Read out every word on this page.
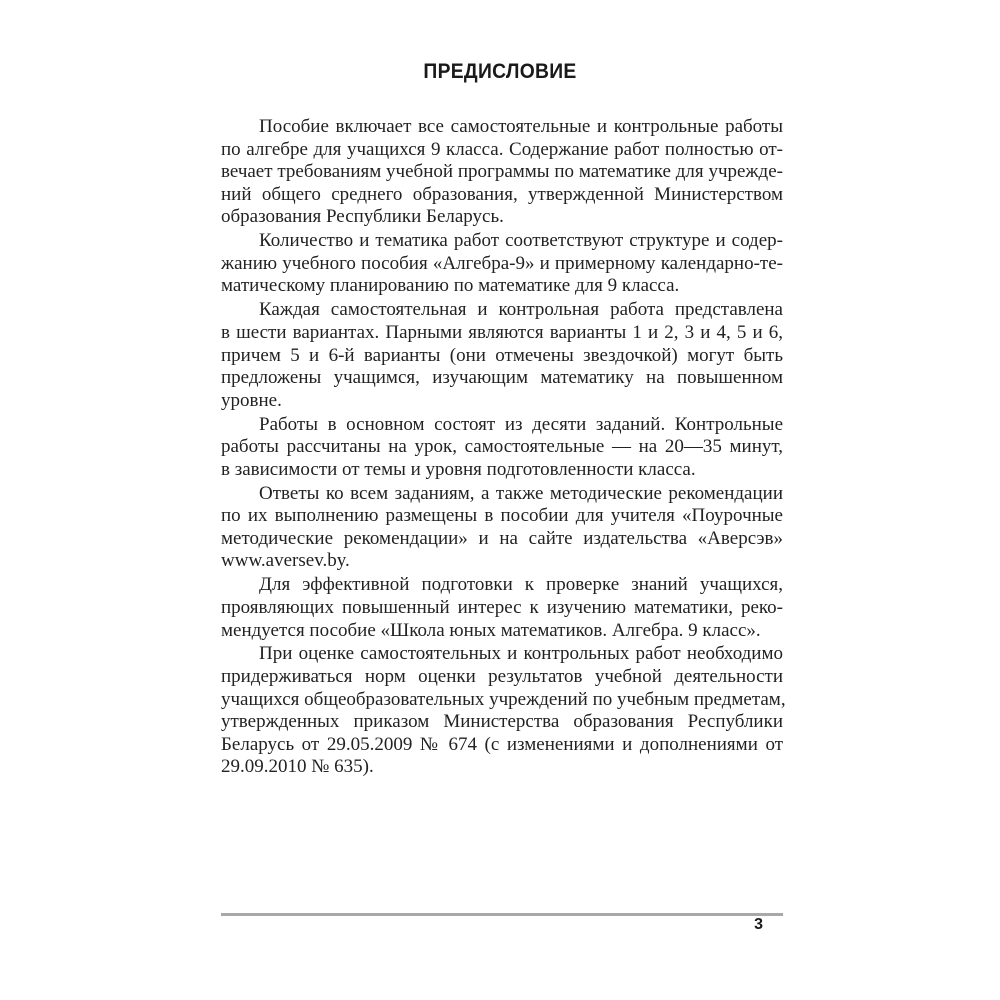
ПРЕДИСЛОВИЕ
Пособие включает все самостоятельные и контрольные работы
по алгебре для учащихся 9 класса. Содержание работ полностью от-
вечает требованиям учебной программы по математике для учрежде-
ний общего среднего образования, утвержденной Министерством
образования Республики Беларусь.
Количество и тематика работ соответствуют структуре и содер-
жанию учебного пособия «Алгебра-9» и примерному календарно-те-
матическому планированию по математике для 9 класса.
Каждая самостоятельная и контрольная работа представлена
в шести вариантах. Парными являются варианты 1 и 2, 3 и 4, 5 и 6,
причем 5 и 6-й варианты (они отмечены звездочкой) могут быть
предложены учащимся, изучающим математику на повышенном
уровне.
Работы в основном состоят из десяти заданий. Контрольные
работы рассчитаны на урок, самостоятельные — на 20—35 минут,
в зависимости от темы и уровня подготовленности класса.
Ответы ко всем заданиям, а также методические рекомендации
по их выполнению размещены в пособии для учителя «Поурочные
методические рекомендации» и на сайте издательства «Аверсэв»
www.aversev.by.
Для эффективной подготовки к проверке знаний учащихся,
проявляющих повышенный интерес к изучению математики, реко-
мендуется пособие «Школа юных математиков. Алгебра. 9 класс».
При оценке самостоятельных и контрольных работ необходимо
придерживаться норм оценки результатов учебной деятельности
учащихся общеобразовательных учреждений по учебным предметам,
утвержденных приказом Министерства образования Республики
Беларусь от 29.05.2009 № 674 (с изменениями и дополнениями от
29.09.2010 № 635).
3
